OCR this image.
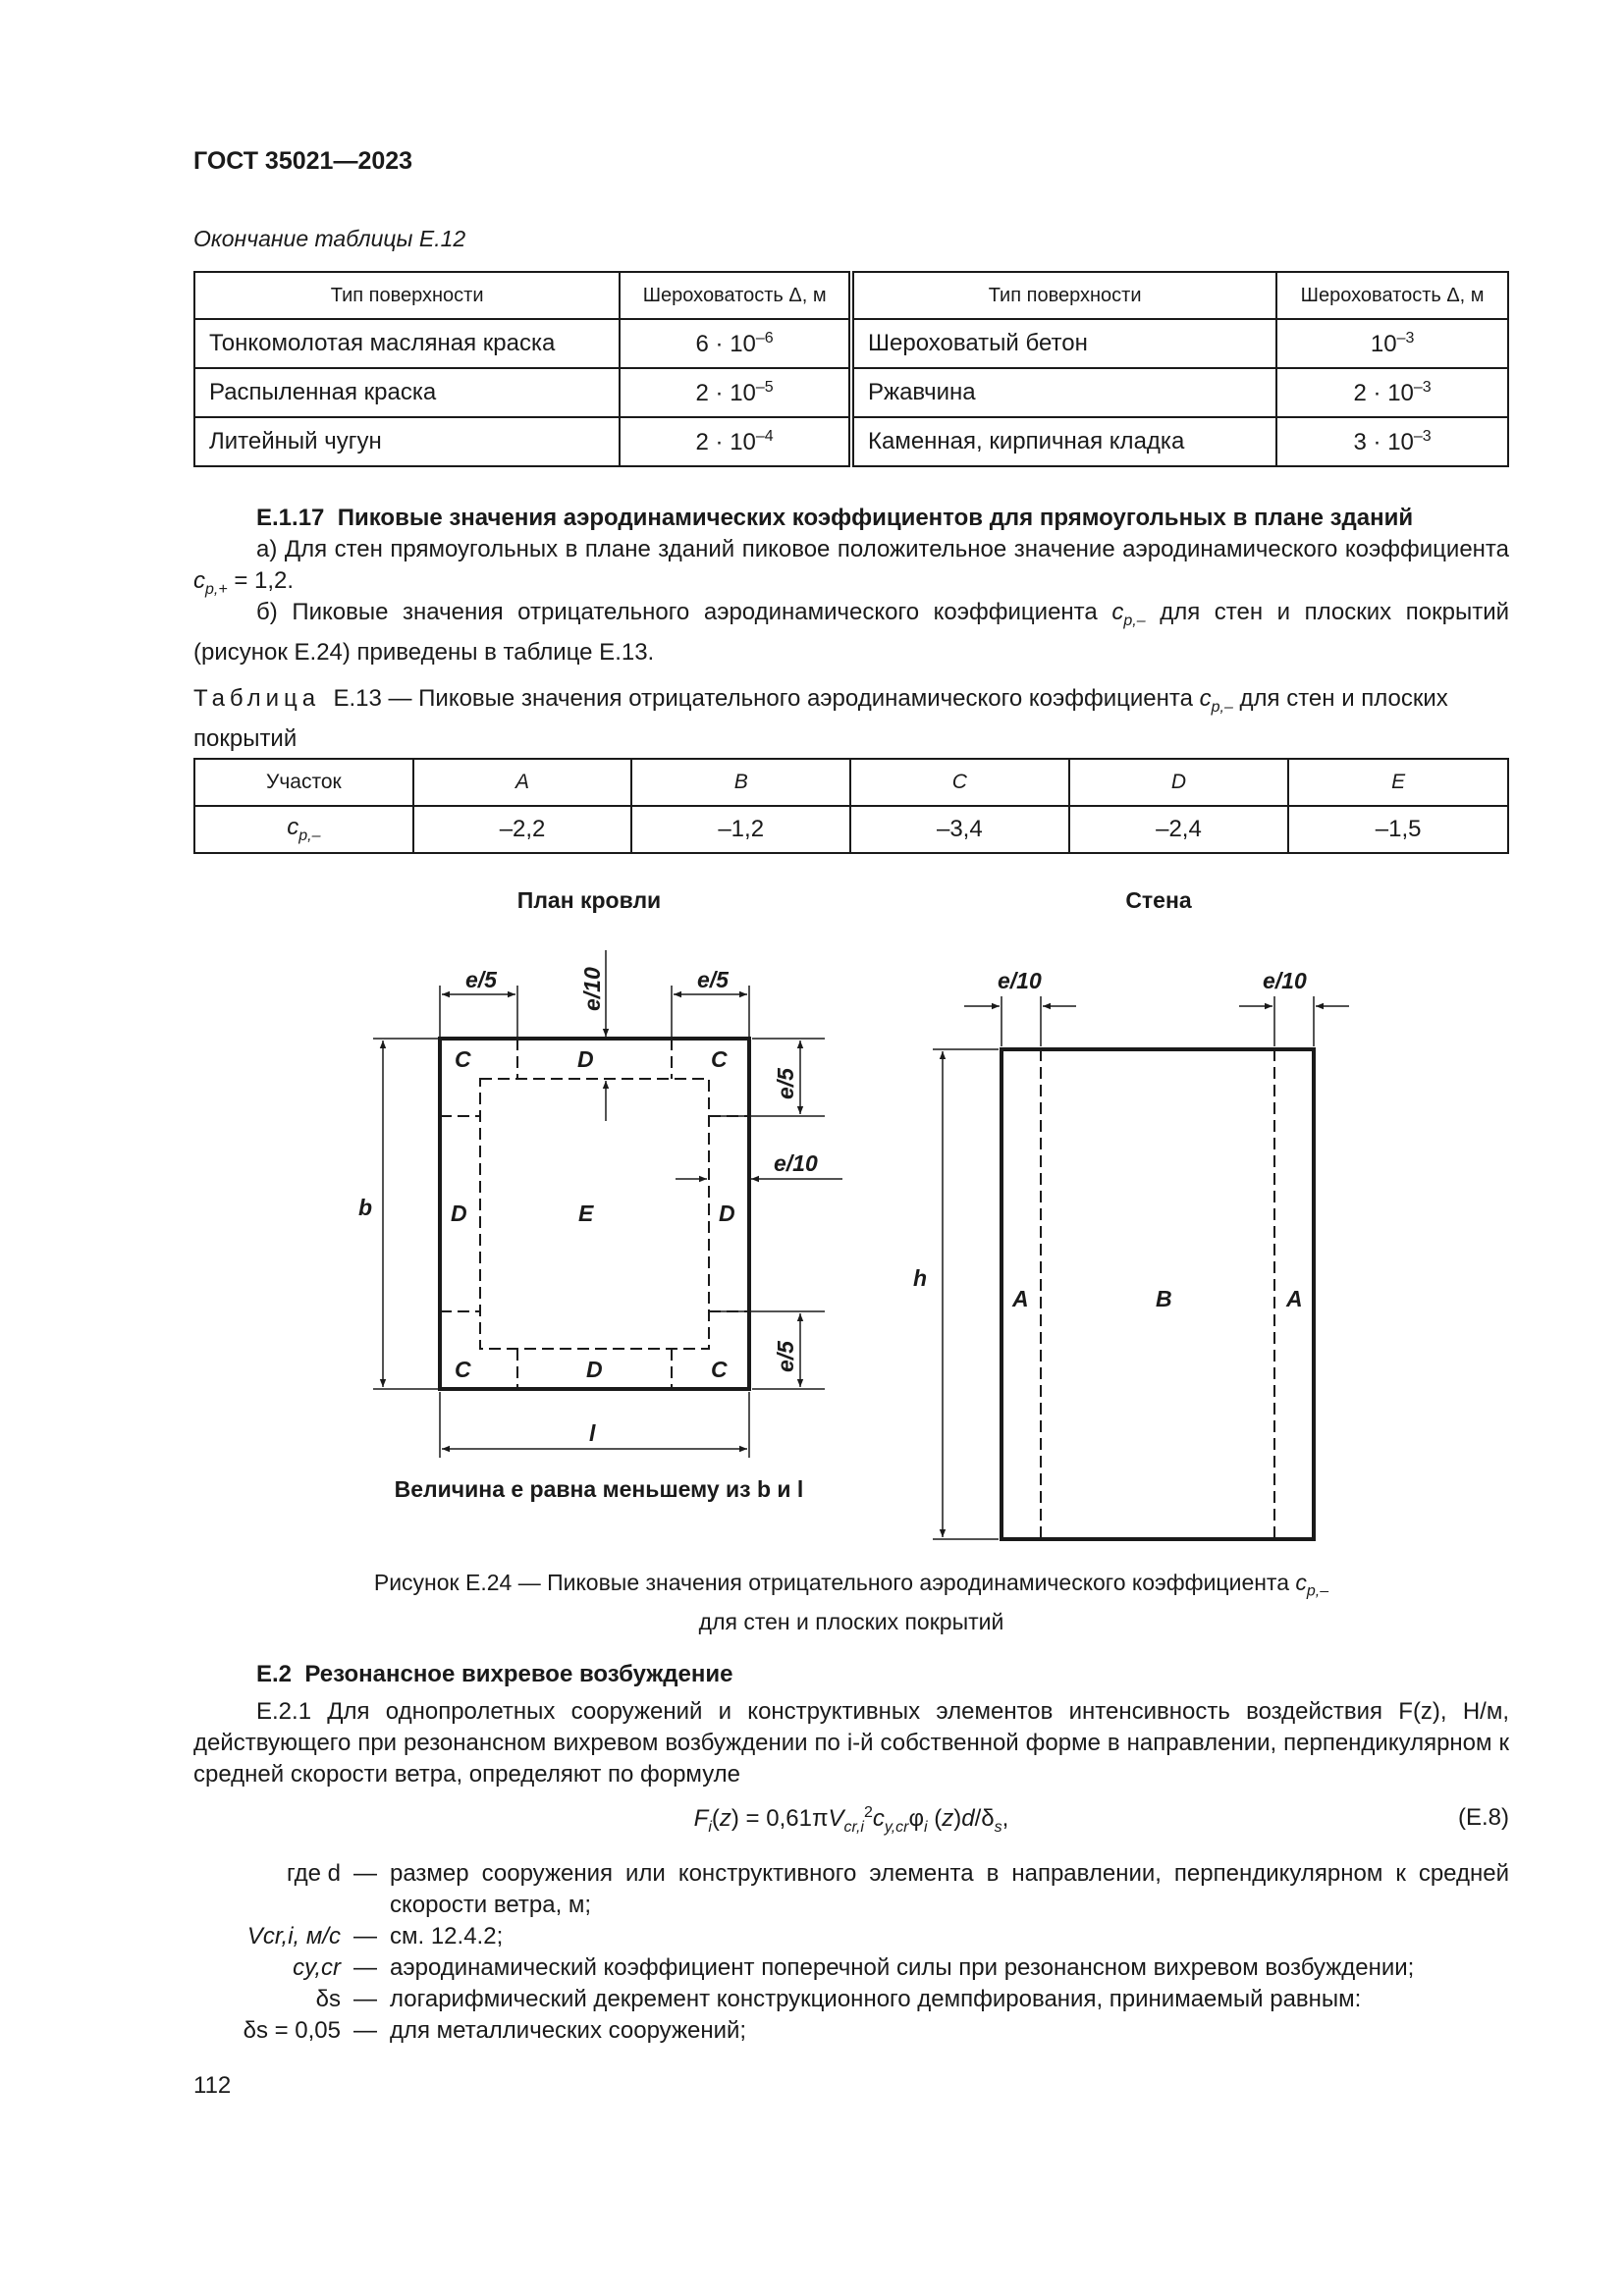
ГОСТ 35021—2023
Окончание таблицы Е.12
Тип поверхности	Шероховатость Δ, м	Тип поверхности	Шероховатость Δ, м
Тонкомолотая масляная краска	$6 \cdot 10^{-6}$	Шероховатый бетон	$10^{-3}$
Распыленная краска	$2 \cdot 10^{-5}$	Ржавчина	$2 \cdot 10^{-3}$
Литейный чугун	$2 \cdot 10^{-4}$	Каменная, кирпичная кладка	$3 \cdot 10^{-3}$
Е.1.17 Пиковые значения аэродинамических коэффициентов для прямоугольных в плане зданий
а) Для стен прямоугольных в плане зданий пиковое положительное значение аэродинамического коэффициента $c_{p,+} = 1,2$.
б) Пиковые значения отрицательного аэродинамического коэффициента $c_{p,-}$ для стен и плоских покрытий (рисунок Е.24) приведены в таблице Е.13.
Таблица Е.13 — Пиковые значения отрицательного аэродинамического коэффициента $c_{p,-}$ для стен и плоских покрытий
Участок	A	B	C	D	E
$c_{p,-}$	–2,2	–1,2	–3,4	–2,4	–1,5
План кровли	Стена
e/5	e/5
e/10
e/5
e/10
e/5
b
l
C	D	C
D	E	D
C	D	C
e/10	e/10
h
A	B	A
Величина e равна меньшему из b и l
Рисунок Е.24 — Пиковые значения отрицательного аэродинамического коэффициента $c_{p,-}$
для стен и плоских покрытий
Е.2 Резонансное вихревое возбуждение
Е.2.1 Для однопролетных сооружений и конструктивных элементов интенсивность воздействия F(z), Н/м, действующего при резонансном вихревом возбуждении по i-й собственной форме в направлении, перпендикулярном к средней скорости ветра, определяют по формуле
$F_i(z) = 0,61\pi V_{cr,i}^2c_{y,cr}\varphi_i$ $(z)d/\delta_s$,	(Е.8)
где d — размер сооружения или конструктивного элемента в направлении, перпендикулярном к средней скорости ветра, м;
Vcr,i, м/с — см. 12.4.2;
cy,cr — аэродинамический коэффициент поперечной силы при резонансном вихревом возбуждении;
δs — логарифмический декремент конструкционного демпфирования, принимаемый равным:
δs = 0,05 — для металлических сооружений;
112
